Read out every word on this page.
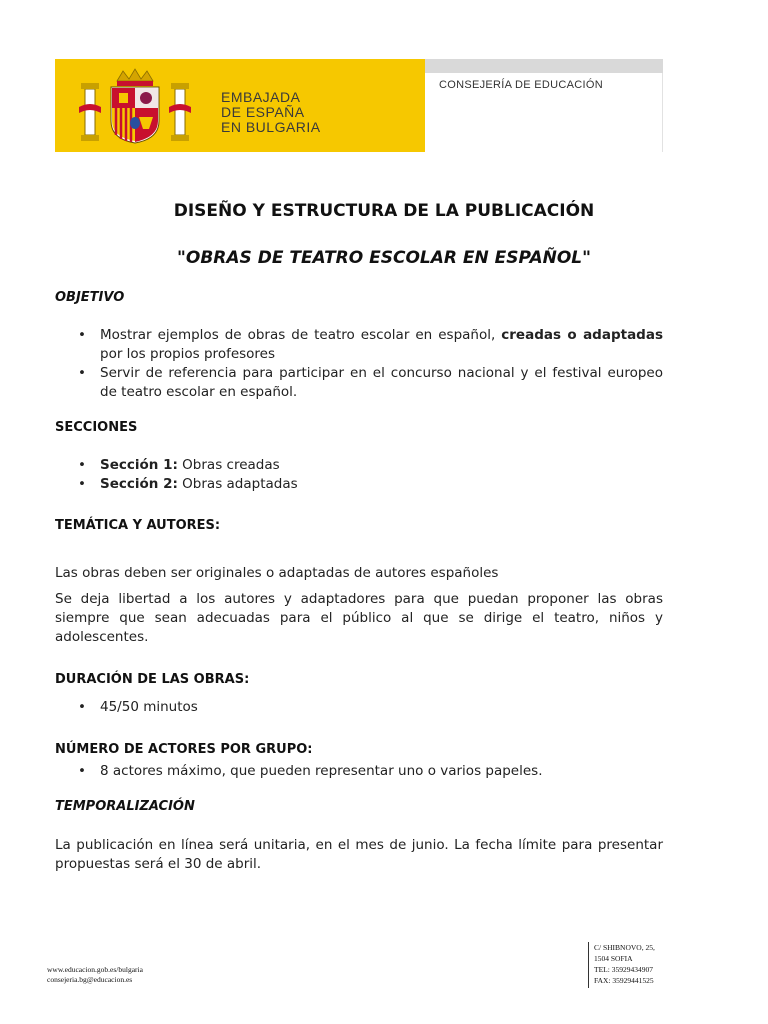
EMBAJADA
DE ESPAÑA
EN BULGARIA
CONSEJERÍA DE EDUCACIÓN
DISEÑO Y ESTRUCTURA DE LA PUBLICACIÓN
"OBRAS DE TEATRO ESCOLAR EN ESPAÑOL"
OBJETIVO
• Mostrar ejemplos de obras de teatro escolar en español, creadas o adaptadas por los propios profesores
• Servir de referencia para participar en el concurso nacional y el festival europeo de teatro escolar en español.
SECCIONES
• Sección 1: Obras creadas
• Sección 2: Obras adaptadas
TEMÁTICA Y AUTORES:
Las obras deben ser originales o adaptadas de autores españoles
Se deja libertad a los autores y adaptadores para que puedan proponer las obras siempre que sean adecuadas para el público al que se dirige el teatro, niños y adolescentes.
DURACIÓN DE LAS OBRAS:
• 45/50 minutos
NÚMERO DE ACTORES POR GRUPO:
• 8 actores máximo, que pueden representar uno o varios papeles.
TEMPORALIZACIÓN
La publicación en línea será unitaria, en el mes de junio. La fecha límite para presentar propuestas será el 30 de abril.
www.educacion.gob.es/bulgaria
consejeria.bg@educacion.es
C/ SHIBNOVO, 25,
1504 SOFIA
TEL: 35929434907
FAX: 35929441525
